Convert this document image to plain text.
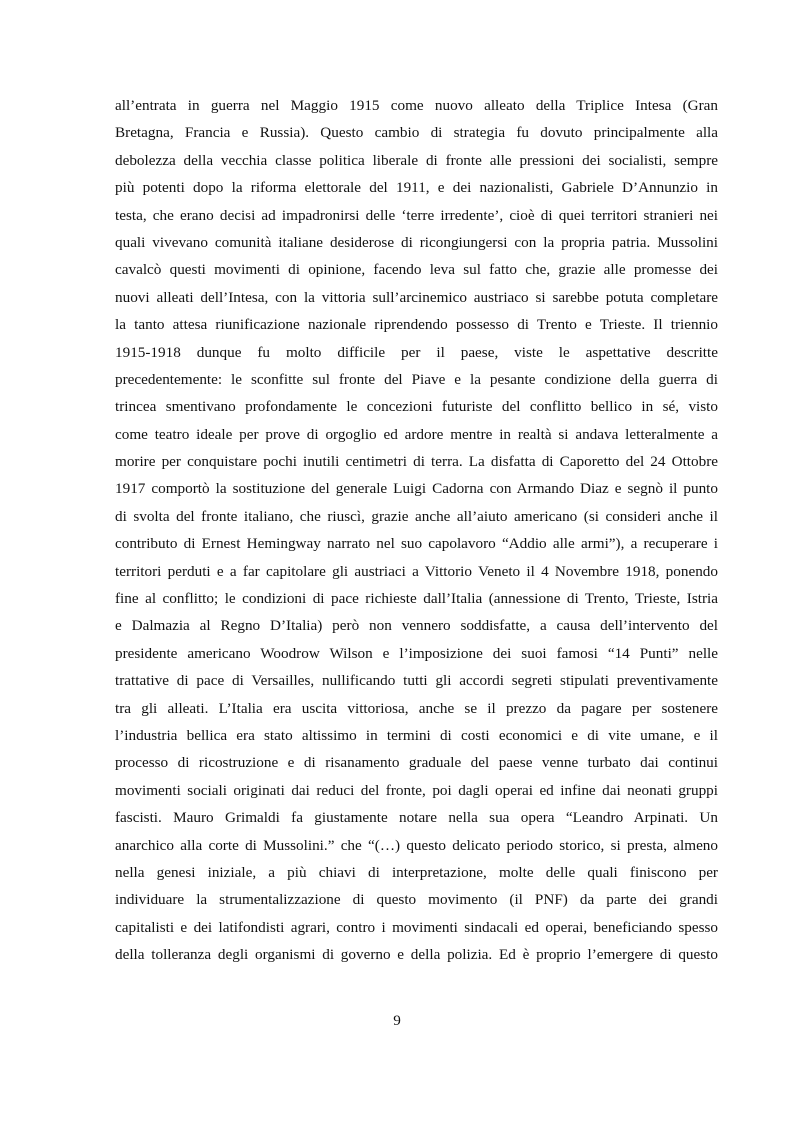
all’entrata in guerra nel Maggio 1915 come nuovo alleato della Triplice Intesa (Gran
Bretagna, Francia e Russia). Questo cambio di strategia fu dovuto principalmente alla
debolezza della vecchia classe politica liberale di fronte alle pressioni dei socialisti, sempre
più potenti dopo la riforma elettorale del 1911, e dei nazionalisti, Gabriele D’Annunzio in
testa, che erano decisi ad impadronirsi delle ‘terre irredente’, cioè di quei territori stranieri nei
quali vivevano comunità italiane desiderose di ricongiungersi con la propria patria. Mussolini
cavalcò questi movimenti di opinione, facendo leva sul fatto che, grazie alle promesse dei
nuovi alleati dell’Intesa, con la vittoria sull’arcinemico austriaco si sarebbe potuta completare
la tanto attesa riunificazione nazionale riprendendo possesso di Trento e Trieste. Il triennio
1915-1918 dunque fu molto difficile per il paese, viste le aspettative descritte
precedentemente: le sconfitte sul fronte del Piave e la pesante condizione della guerra di
trincea smentivano profondamente le concezioni futuriste del conflitto bellico in sé, visto
come teatro ideale per prove di orgoglio ed ardore mentre in realtà si andava letteralmente a
morire per conquistare pochi inutili centimetri di terra. La disfatta di Caporetto del 24 Ottobre
1917 comportò la sostituzione del generale Luigi Cadorna con Armando Diaz e segnò il punto
di svolta del fronte italiano, che riuscì, grazie anche all’aiuto americano (si consideri anche il
contributo di Ernest Hemingway narrato nel suo capolavoro “Addio alle armi”), a recuperare i
territori perduti e a far capitolare gli austriaci a Vittorio Veneto il 4 Novembre 1918, ponendo
fine al conflitto; le condizioni di pace richieste dall’Italia (annessione di Trento, Trieste, Istria
e Dalmazia al Regno D’Italia) però non vennero soddisfatte, a causa dell’intervento del
presidente americano Woodrow Wilson e l’imposizione dei suoi famosi “14 Punti” nelle
trattative di pace di Versailles, nullificando tutti gli accordi segreti stipulati preventivamente
tra gli alleati. L’Italia era uscita vittoriosa, anche se il prezzo da pagare per sostenere
l’industria bellica era stato altissimo in termini di costi economici e di vite umane, e il
processo di ricostruzione e di risanamento graduale del paese venne turbato dai continui
movimenti sociali originati dai reduci del fronte, poi dagli operai ed infine dai neonati gruppi
fascisti. Mauro Grimaldi fa giustamente notare nella sua opera “Leandro Arpinati. Un
anarchico alla corte di Mussolini.” che “(…) questo delicato periodo storico, si presta, almeno
nella genesi iniziale, a più chiavi di interpretazione, molte delle quali finiscono per
individuare la strumentalizzazione di questo movimento (il PNF) da parte dei grandi
capitalisti e dei latifondisti agrari, contro i movimenti sindacali ed operai, beneficiando spesso
della tolleranza degli organismi di governo e della polizia. Ed è proprio l’emergere di questo
9
